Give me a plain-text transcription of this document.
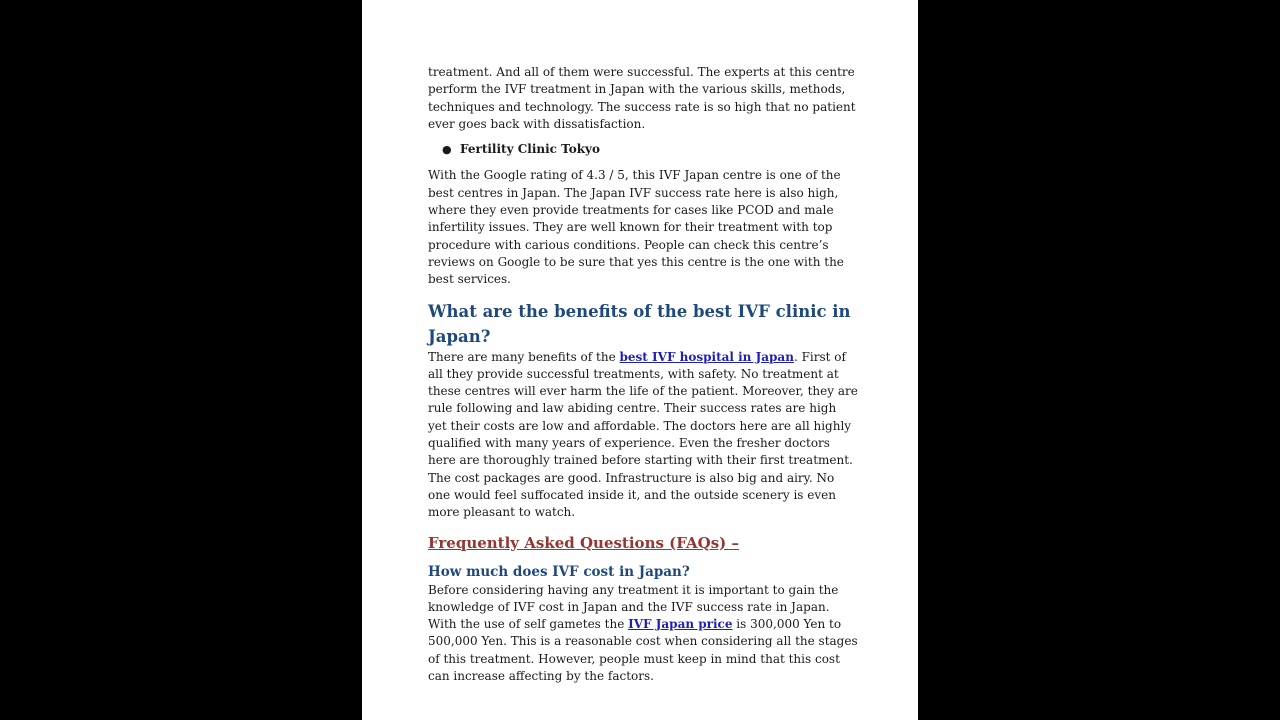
treatment. And all of them were successful. The experts at this centre perform the IVF treatment in Japan with the various skills, methods, techniques and technology. The success rate is so high that no patient ever goes back with dissatisfaction.

● Fertility Clinic Tokyo

With the Google rating of 4.3 / 5, this IVF Japan centre is one of the best centres in Japan. The Japan IVF success rate here is also high, where they even provide treatments for cases like PCOD and male infertility issues. They are well known for their treatment with top procedure with carious conditions. People can check this centre’s reviews on Google to be sure that yes this centre is the one with the best services.

What are the benefits of the best IVF clinic in Japan?

There are many benefits of the best IVF hospital in Japan. First of all they provide successful treatments, with safety. No treatment at these centres will ever harm the life of the patient. Moreover, they are rule following and law abiding centre. Their success rates are high yet their costs are low and affordable. The doctors here are all highly qualified with many years of experience. Even the fresher doctors here are thoroughly trained before starting with their first treatment. The cost packages are good. Infrastructure is also big and airy. No one would feel suffocated inside it, and the outside scenery is even more pleasant to watch.

Frequently Asked Questions (FAQs) –
How much does IVF cost in Japan?

Before considering having any treatment it is important to gain the knowledge of IVF cost in Japan and the IVF success rate in Japan. With the use of self gametes the IVF Japan price is 300,000 Yen to 500,000 Yen. This is a reasonable cost when considering all the stages of this treatment. However, people must keep in mind that this cost can increase affecting by the factors.
